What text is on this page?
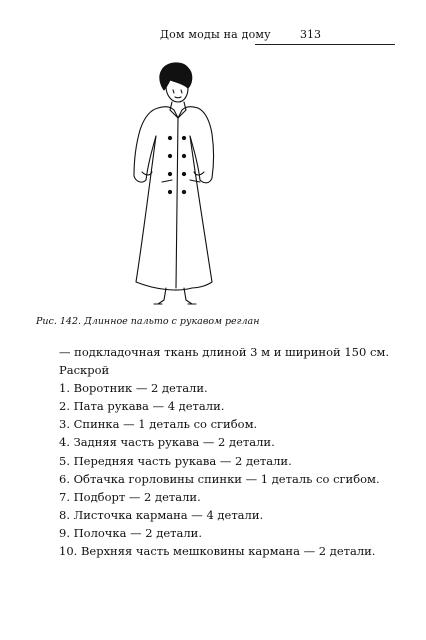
Дом моды на дому	313
Рис. 142. Длинное пальто с рукавом реглан

— подкладочная ткань длиной 3 м и шириной 150 см.

Раскрой

1. Воротник — 2 детали.

2. Пата рукава — 4 детали.

3. Спинка — 1 деталь со сгибом.

4. Задняя часть рукава — 2 детали.

5. Передняя часть рукава — 2 детали.

6. Обтачка горловины спинки — 1 деталь со сгибом.

7. Подборт — 2 детали.

8. Листочка кармана — 4 детали.

9. Полочка — 2 детали.

10. Верхняя часть мешковины кармана — 2 детали.
